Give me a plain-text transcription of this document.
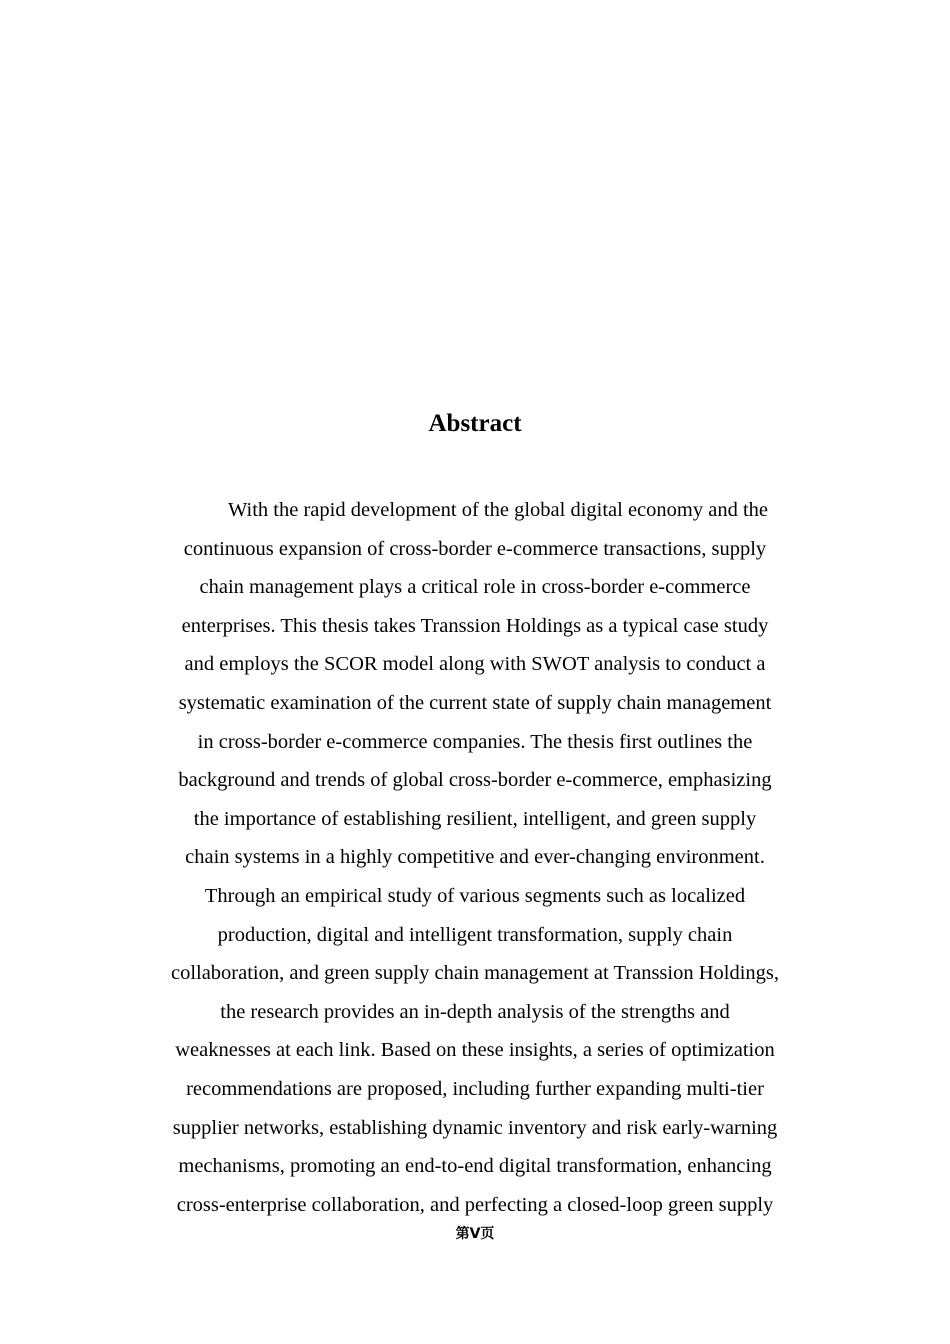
Abstract
With the rapid development of the global digital economy and the
continuous expansion of cross-border e-commerce transactions, supply
chain management plays a critical role in cross-border e-commerce
enterprises. This thesis takes Transsion Holdings as a typical case study
and employs the SCOR model along with SWOT analysis to conduct a
systematic examination of the current state of supply chain management
in cross-border e-commerce companies. The thesis first outlines the
background and trends of global cross-border e-commerce, emphasizing
the importance of establishing resilient, intelligent, and green supply
chain systems in a highly competitive and ever-changing environment.
Through an empirical study of various segments such as localized
production, digital and intelligent transformation, supply chain
collaboration, and green supply chain management at Transsion Holdings,
the research provides an in-depth analysis of the strengths and
weaknesses at each link. Based on these insights, a series of optimization
recommendations are proposed, including further expanding multi-tier
supplier networks, establishing dynamic inventory and risk early-warning
mechanisms, promoting an end-to-end digital transformation, enhancing
cross-enterprise collaboration, and perfecting a closed-loop green supply
第V页
